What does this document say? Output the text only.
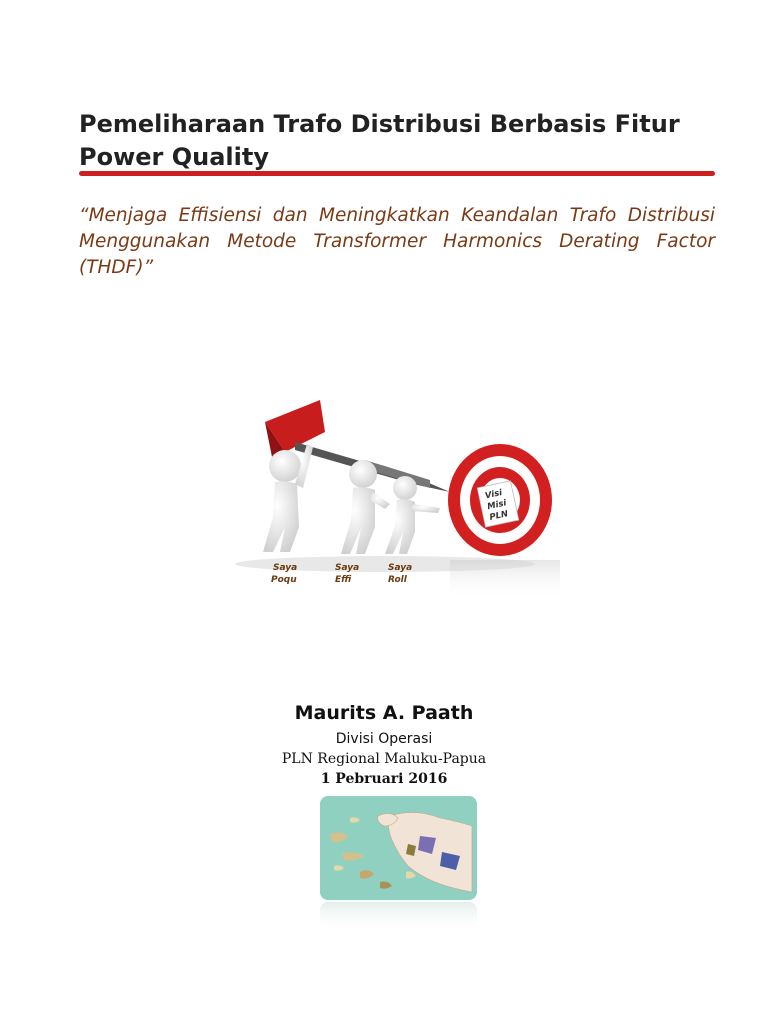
Pemeliharaan Trafo Distribusi Berbasis Fitur Power Quality

“Menjaga Effisiensi dan Meningkatkan Keandalan Trafo Distribusi Menggunakan Metode Transformer Harmonics Derating Factor (THDF)”

Visi
Misi
PLN
Saya
Poqu
Saya
Effi
Saya
Roll
Maurits A. Paath
Divisi Operasi
PLN Regional Maluku-Papua
1 Pebruari 2016
